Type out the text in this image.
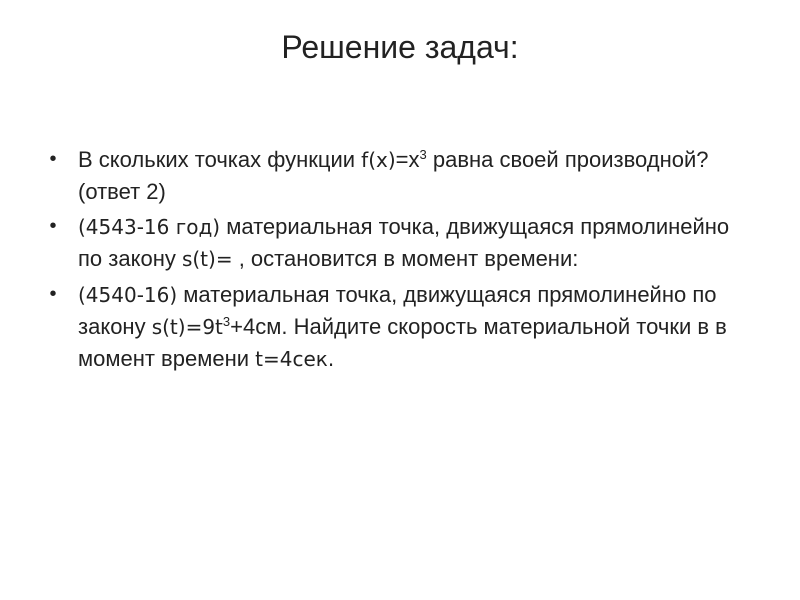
Решение задач:
• В скольких точках функции $f(x)=x^3$ равна своей производной? (ответ 2)
• (4543-16 год) материальная точка, движущаяся прямолинейно по закону s(t)= , остановится в момент времени:
• (4540-16) материальная точка, движущаяся прямолинейно по закону $s(t)=9t^3+4см$. Найдите скорость материальной точки в в момент времени t=4сек.
